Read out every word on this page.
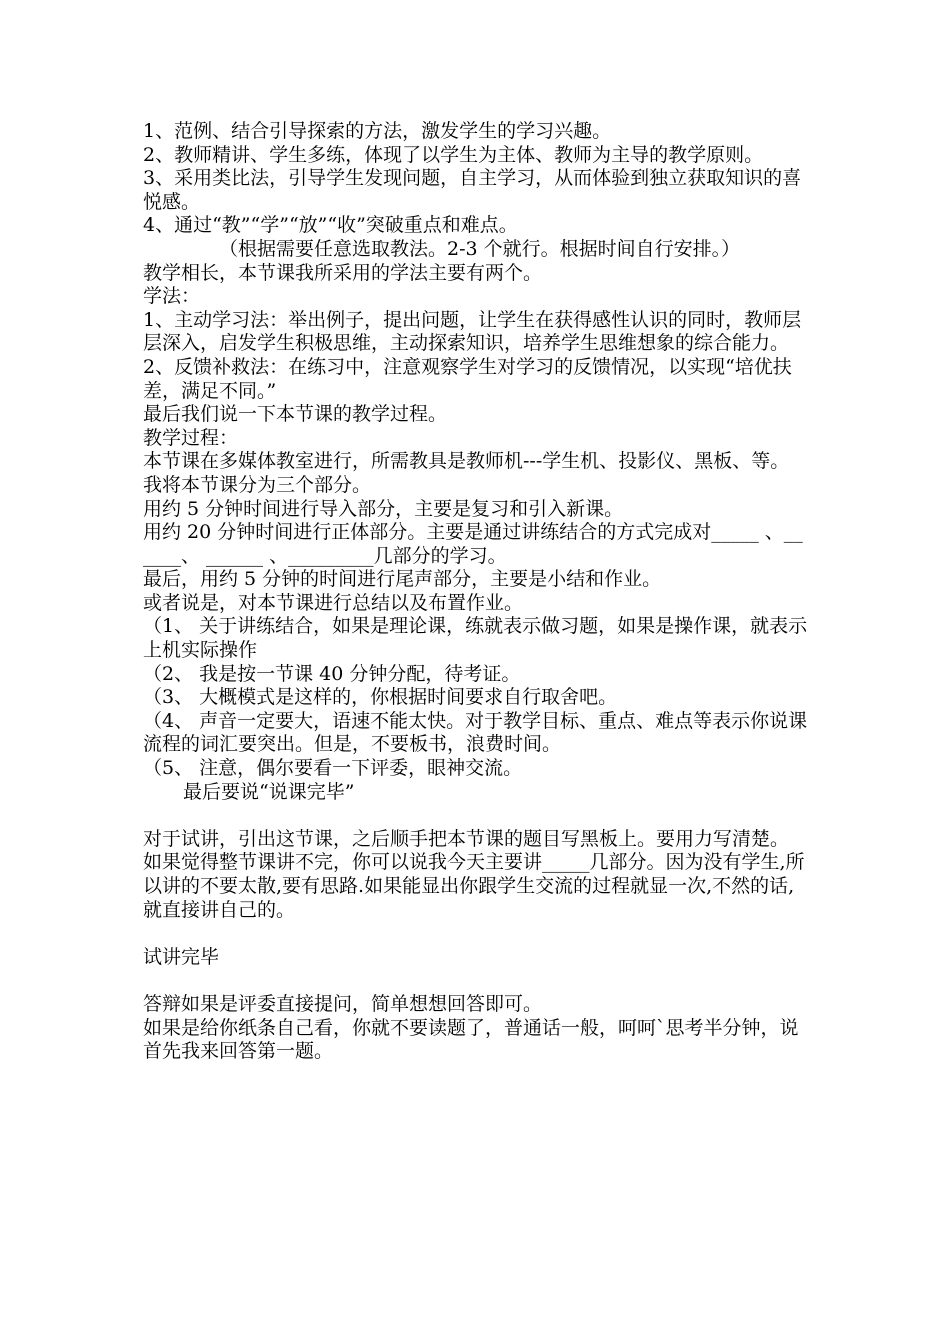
1、范例、结合引导探索的方法，激发学生的学习兴趣。

2、教师精讲、学生多练，体现了以学生为主体、教师为主导的教学原则。

3、采用类比法，引导学生发现问题，自主学习，从而体验到独立获取知识的喜悦感。

4、通过“教”“学”“放”“收”突破重点和难点。

（根据需要任意选取教法。2-3 个就行。根据时间自行安排。）

教学相长，本节课我所采用的学法主要有两个。

学法：

1、主动学习法：举出例子，提出问题，让学生在获得感性认识的同时，教师层层深入，启发学生积极思维，主动探索知识，培养学生思维想象的综合能力。2、反馈补救法：在练习中，注意观察学生对学习的反馈情况，以实现“培优扶差，满足不同。”

最后我们说一下本节课的教学过程。

教学过程：

本节课在多媒体教室进行，所需教具是教师机---学生机、投影仪、黑板、等。

我将本节课分为三个部分。

用约 5 分钟时间进行导入部分，主要是复习和引入新课。

用约 20 分钟时间进行正体部分。主要是通过讲练结合的方式完成对_____ 、______、 ______ 、_________几部分的学习。

最后，用约 5 分钟的时间进行尾声部分，主要是小结和作业。

或者说是，对本节课进行总结以及布置作业。

（1、 关于讲练结合，如果是理论课，练就表示做习题，如果是操作课，就表示上机实际操作

（2、 我是按一节课 40 分钟分配，待考证。

（3、 大概模式是这样的，你根据时间要求自行取舍吧。

（4、 声音一定要大，语速不能太快。对于教学目标、重点、难点等表示你说课流程的词汇要突出。但是，不要板书，浪费时间。

（5、 注意，偶尔要看一下评委，眼神交流。

最后要说“说课完毕”

对于试讲，引出这节课，之后顺手把本节课的题目写黑板上。要用力写清楚。

如果觉得整节课讲不完，你可以说我今天主要讲_____几部分。因为没有学生,所以讲的不要太散,要有思路.如果能显出你跟学生交流的过程就显一次,不然的话,就直接讲自己的。

试讲完毕

答辩如果是评委直接提问，简单想想回答即可。

如果是给你纸条自己看，你就不要读题了，普通话一般，呵呵`思考半分钟，说首先我来回答第一题。
